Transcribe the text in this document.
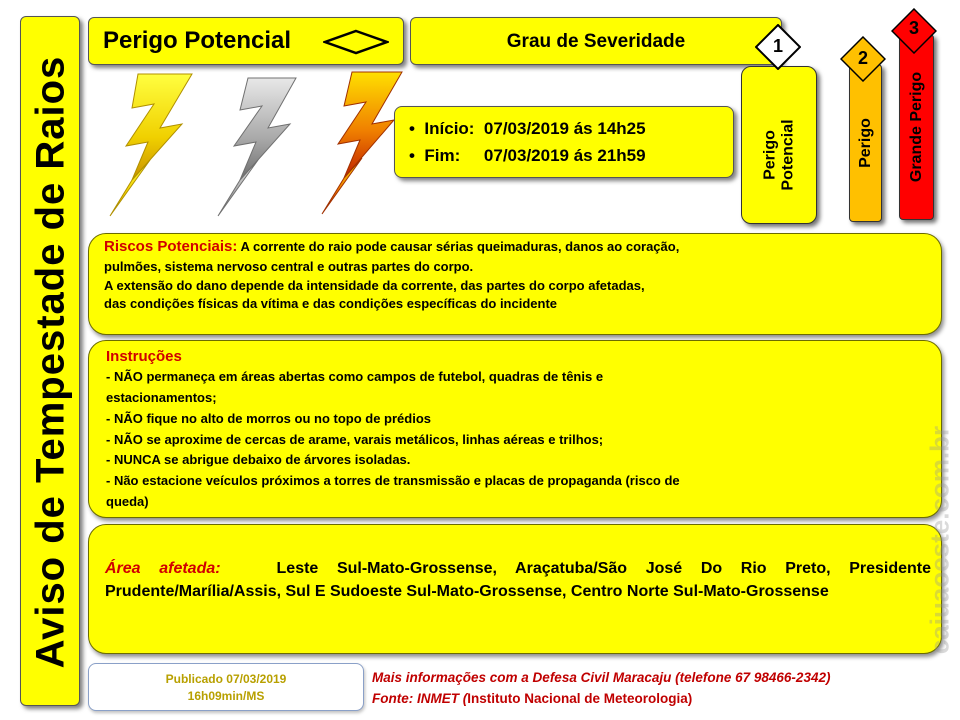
Aviso de Tempestade de Raios
Perigo Potencial	Grau de Severidade
•  Início: 07/03/2019 ás 14h25
•  Fim: 07/03/2019 ás 21h59	Perigo Potencial
1
Perigo
2
Grande Perigo
3
Riscos Potenciais: A corrente do raio pode causar sérias queimaduras, danos ao coração,
pulmões, sistema nervoso central e outras partes do corpo.
A extensão do dano depende da intensidade da corrente, das partes do corpo afetadas,
das condições físicas da vítima e das condições específicas do incidente
Instruções
- NÃO permaneça em áreas abertas como campos de futebol, quadras de tênis e
estacionamentos;
- NÃO fique no alto de morros ou no topo de prédios
- NÃO se aproxime de cercas de arame, varais metálicos, linhas aéreas e trilhos;
- NUNCA se abrigue debaixo de árvores isoladas.
- Não estacione veículos próximos a torres de transmissão e placas de propaganda (risco de
queda)
Área afetada:	Leste Sul-Mato-Grossense, Araçatuba/São José Do Rio Preto, Presidente Prudente/Marília/Assis, Sul E Sudoeste Sul-Mato-Grossense, Centro Norte Sul-Mato-Grossense
Publicado 07/03/2019
16h09min/MS
Mais informações com a Defesa Civil Maracaju (telefone 67 98466-2342)
Fonte: INMET (Instituto Nacional de Meteorologia)
caiuaoeste.com.br
